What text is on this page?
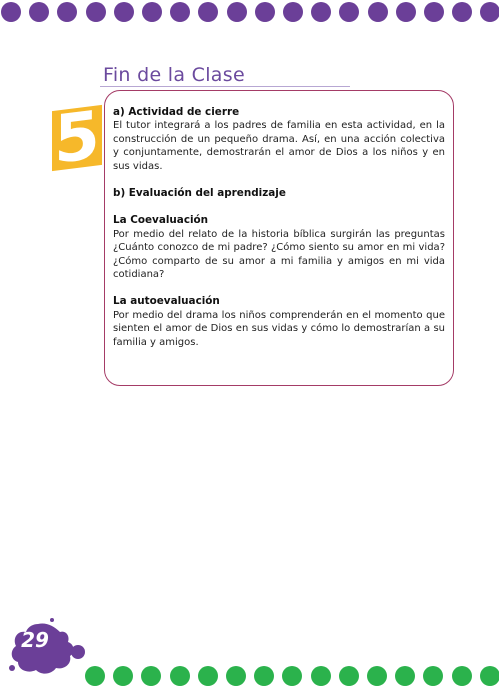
Fin de la Clase
5 a) Actividad de cierre

El tutor integrará a los padres de familia en esta actividad, en la construcción de un pequeño drama. Así, en una acción colectiva y conjuntamente, demostrarán el amor de Dios a los niños y en sus vidas.

b) Evaluación del aprendizaje
La Coevaluación

Por medio del relato de la historia bíblica surgirán las preguntas ¿Cuánto conozco de mi padre? ¿Cómo siento su amor en mi vida? ¿Cómo comparto de su amor a mi familia y amigos en mi vida cotidiana?

La autoevaluación

Por medio del drama los niños comprenderán en el momento que sienten el amor de Dios en sus vidas y cómo lo demostrarían a su familia y amigos.

29
